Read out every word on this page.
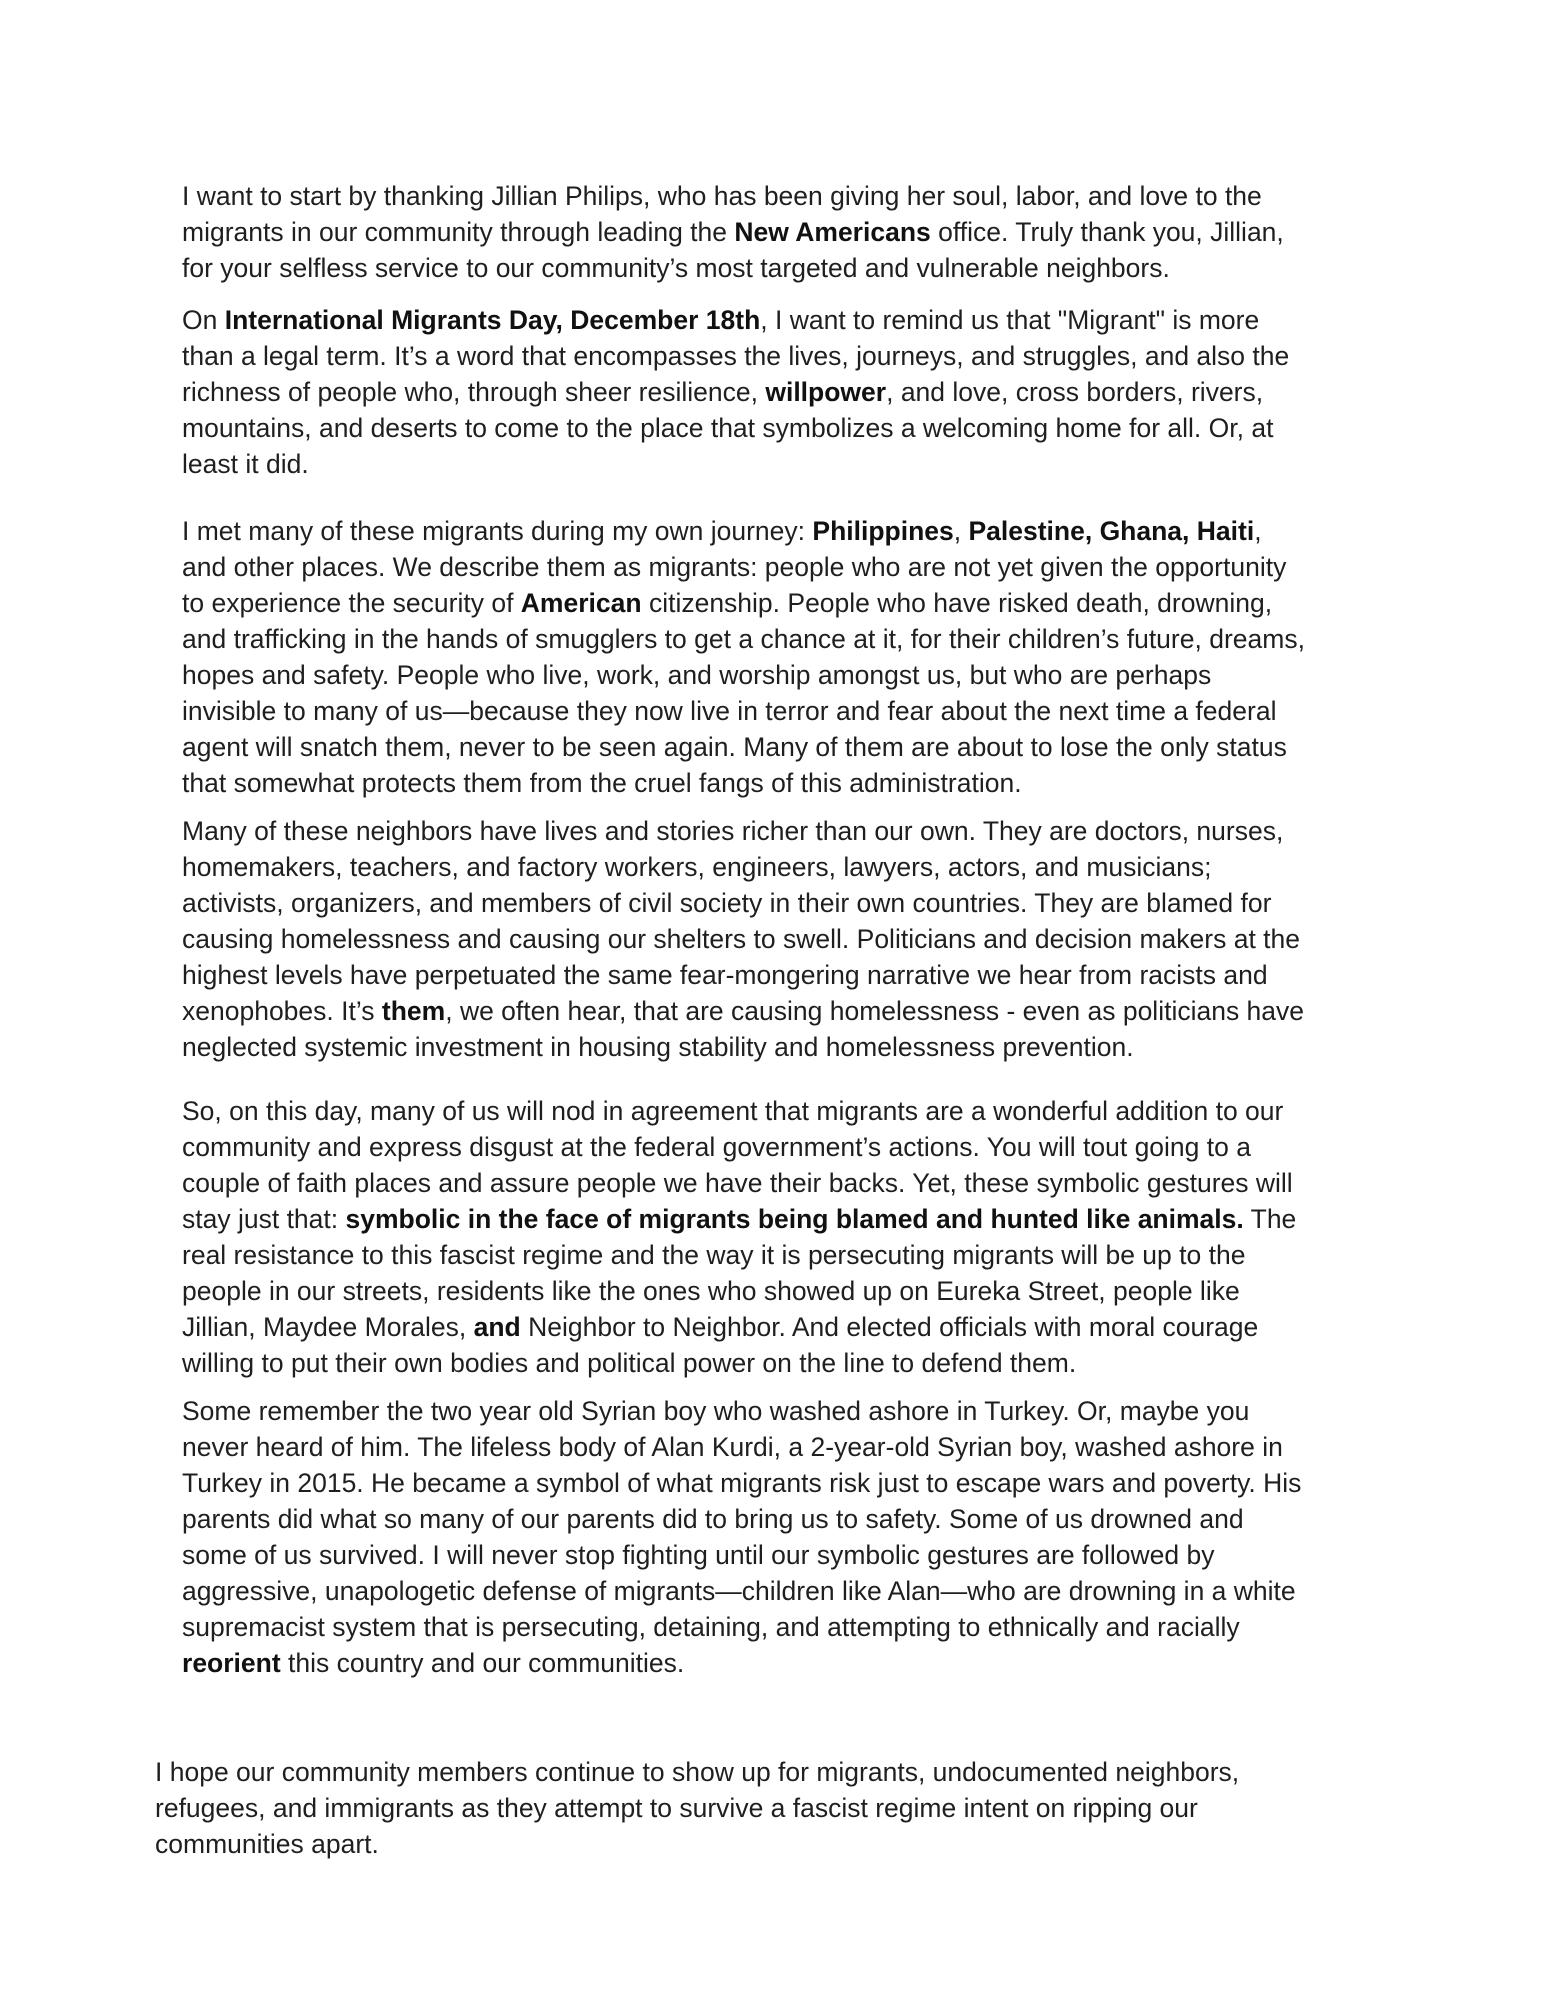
I want to start by thanking Jillian Philips, who has been giving her soul, labor, and love to the
migrants in our community through leading the New Americans office. Truly thank you, Jillian,
for your selfless service to our community’s most targeted and vulnerable neighbors.
On International Migrants Day, December 18th, I want to remind us that "Migrant" is more
than a legal term. It’s a word that encompasses the lives, journeys, and struggles, and also the
richness of people who, through sheer resilience, willpower, and love, cross borders, rivers,
mountains, and deserts to come to the place that symbolizes a welcoming home for all. Or, at
least it did.
I met many of these migrants during my own journey: Philippines, Palestine, Ghana, Haiti,
and other places. We describe them as migrants: people who are not yet given the opportunity
to experience the security of American citizenship. People who have risked death, drowning,
and trafficking in the hands of smugglers to get a chance at it, for their children’s future, dreams,
hopes and safety. People who live, work, and worship amongst us, but who are perhaps
invisible to many of us—because they now live in terror and fear about the next time a federal
agent will snatch them, never to be seen again. Many of them are about to lose the only status
that somewhat protects them from the cruel fangs of this administration.
Many of these neighbors have lives and stories richer than our own. They are doctors, nurses,
homemakers, teachers, and factory workers, engineers, lawyers, actors, and musicians;
activists, organizers, and members of civil society in their own countries. They are blamed for
causing homelessness and causing our shelters to swell. Politicians and decision makers at the
highest levels have perpetuated the same fear-mongering narrative we hear from racists and
xenophobes. It’s them, we often hear, that are causing homelessness - even as politicians have
neglected systemic investment in housing stability and homelessness prevention.
So, on this day, many of us will nod in agreement that migrants are a wonderful addition to our
community and express disgust at the federal government’s actions. You will tout going to a
couple of faith places and assure people we have their backs. Yet, these symbolic gestures will
stay just that: symbolic in the face of migrants being blamed and hunted like animals. The
real resistance to this fascist regime and the way it is persecuting migrants will be up to the
people in our streets, residents like the ones who showed up on Eureka Street, people like
Jillian, Maydee Morales, and Neighbor to Neighbor. And elected officials with moral courage
willing to put their own bodies and political power on the line to defend them.
Some remember the two year old Syrian boy who washed ashore in Turkey. Or, maybe you
never heard of him. The lifeless body of Alan Kurdi, a 2-year-old Syrian boy, washed ashore in
Turkey in 2015. He became a symbol of what migrants risk just to escape wars and poverty. His
parents did what so many of our parents did to bring us to safety. Some of us drowned and
some of us survived. I will never stop fighting until our symbolic gestures are followed by
aggressive, unapologetic defense of migrants—children like Alan—who are drowning in a white
supremacist system that is persecuting, detaining, and attempting to ethnically and racially
reorient this country and our communities.
I hope our community members continue to show up for migrants, undocumented neighbors,
refugees, and immigrants as they attempt to survive a fascist regime intent on ripping our
communities apart.
